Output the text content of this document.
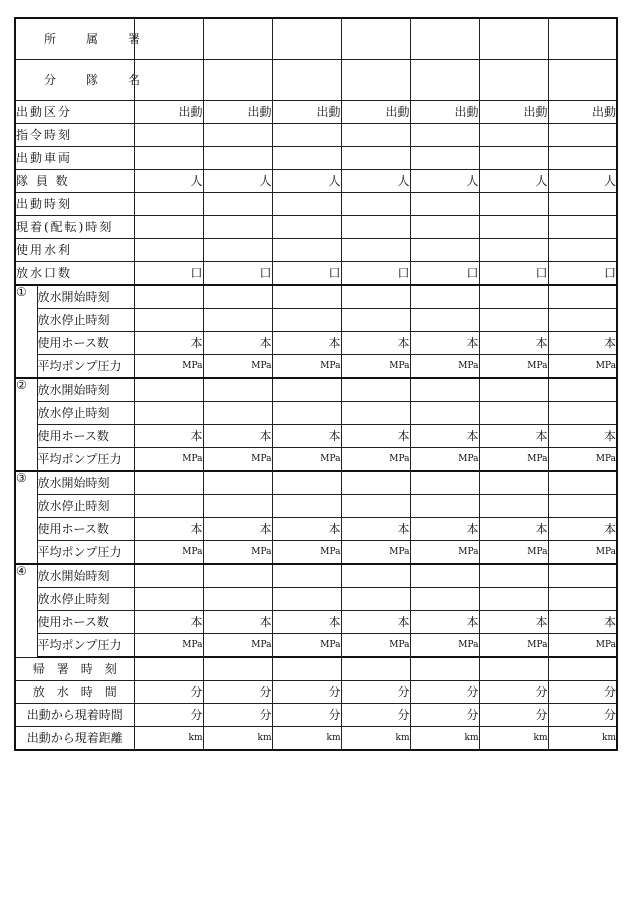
所　属　署								
分　隊　名								
出動区分		出動	出動	出動	出動	出動	出動	出動
指令時刻								
出動車両								
隊 員 数		人	人	人	人	人	人	人
出動時刻								
現着(配転)時刻								
使用水利								
放水口数		口	口	口	口	口	口	口
①	放水開始時刻							
	放水停止時刻							
	使用ホース数	本	本	本	本	本	本	本
	平均ポンプ圧力	MPa	MPa	MPa	MPa	MPa	MPa	MPa
②	放水開始時刻							
	放水停止時刻							
	使用ホース数	本	本	本	本	本	本	本
	平均ポンプ圧力	MPa	MPa	MPa	MPa	MPa	MPa	MPa
③	放水開始時刻							
	放水停止時刻							
	使用ホース数	本	本	本	本	本	本	本
	平均ポンプ圧力	MPa	MPa	MPa	MPa	MPa	MPa	MPa
④	放水開始時刻							
	放水停止時刻							
	使用ホース数	本	本	本	本	本	本	本
	平均ポンプ圧力	MPa	MPa	MPa	MPa	MPa	MPa	MPa
帰　署　時　刻								
放　水　時　間		分	分	分	分	分	分	分
出動から現着時間		分	分	分	分	分	分	分
出動から現着距離		km	km	km	km	km	km	km
